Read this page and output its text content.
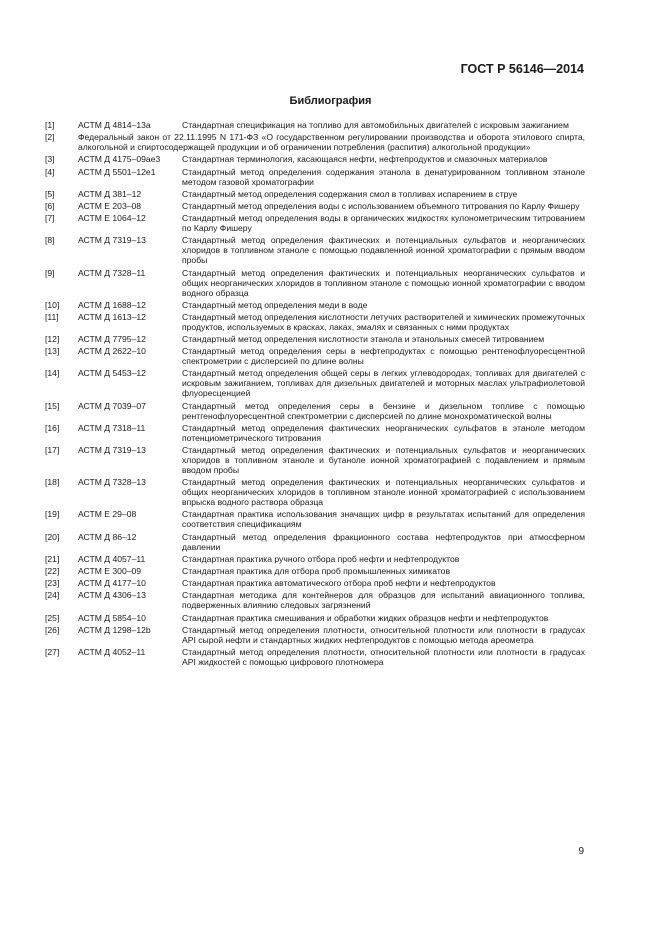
ГОСТ Р 56146—2014
Библиография
[1]	АСТМ Д 4814–13а	Стандартная спецификация на топливо для автомобильных двигателей с искровым зажиганием
[2]	Федеральный закон от 22.11.1995 N 171-ФЗ «О государственном регулировании производства и оборота этилового спирта, алкогольной и спиртосодержащей продукции и об ограничении потребления (распития) алкогольной продукции»
[3]	АСТМ Д 4175–09ae3	Стандартная терминология, касающаяся нефти, нефтепродуктов и смазочных материалов
[4]	АСТМ Д 5501–12e1	Стандартный метод определения содержания этанола в денатурированном топливном этаноле методом газовой хроматографии
[5]	АСТМ Д 381–12	Стандартный метод определения содержания смол в топливах испарением в струе
[6]	АСТМ Е 203–08	Стандартный метод определения воды с использованием объемного титрования по Карлу Фишеру
[7]	АСТМ Е 1064–12	Стандартный метод определения воды в органических жидкостях кулонометрическим титрованием по Карлу Фишеру
[8]	АСТМ Д 7319–13	Стандартный метод определения фактических и потенциальных сульфатов и неорганических хлоридов в топливном этаноле с помощью подавленной ионной хроматографии с прямым вводом пробы
[9]	АСТМ Д 7328–11	Стандартный метод определения фактических и потенциальных неорганических сульфатов и общих неорганических хлоридов в топливном этаноле с помощью ионной хроматографии с вводом водного образца
[10]	АСТМ Д 1688–12	Стандартный метод определения меди в воде
[11]	АСТМ Д 1613–12	Стандартный метод определения кислотности летучих растворителей и химических промежуточных продуктов, используемых в красках, лаках, эмалях и связанных с ними продуктах
[12]	АСТМ Д 7795–12	Стандартный метод определения кислотности этанола и этанольных смесей титрованием
[13]	АСТМ Д 2622–10	Стандартный метод определения серы в нефтепродуктах с помощью рентгенофлуоресцентной спектрометрии с дисперсией по длине волны
[14]	АСТМ Д 5453–12	Стандартный метод определения общей серы в легких углеводородах, топливах для двигателей с искровым зажиганием, топливах для дизельных двигателей и моторных маслах ультрафиолетовой флуоресценцией
[15]	АСТМ Д 7039–07	Стандартный метод определения серы в бензине и дизельном топливе с помощью рентгенофлуоресцентной спектрометрии с дисперсией по длине монохроматической волны
[16]	АСТМ Д 7318–11	Стандартный метод определения фактических неорганических сульфатов в этаноле методом потенциометрического титрования
[17]	АСТМ Д 7319–13	Стандартный метод определения фактических и потенциальных сульфатов и неорганических хлоридов в топливном этаноле и бутаноле ионной хроматографией с подавлением и прямым вводом пробы
[18]	АСТМ Д 7328–13	Стандартный метод определения фактических и потенциальных неорганических сульфатов и общих неорганических хлоридов в топливном этаноле ионной хроматографией с использованием впрыска водного раствора образца
[19]	АСТМ Е 29–08	Стандартная практика использования значащих цифр в результатах испытаний для определения соответствия спецификациям
[20]	АСТМ Д 86–12	Стандартный метод определения фракционного состава нефтепродуктов при атмосферном давлении
[21]	АСТМ Д 4057–11	Стандартная практика ручного отбора проб нефти и нефтепродуктов
[22]	АСТМ Е 300–09	Стандартная практика для отбора проб промышленных химикатов
[23]	АСТМ Д 4177–10	Стандартная практика автоматического отбора проб нефти и нефтепродуктов
[24]	АСТМ Д 4306–13	Стандартная методика для контейнеров для образцов для испытаний авиационного топлива, подверженных влиянию следовых загрязнений
[25]	АСТМ Д 5854–10	Стандартная практика смешивания и обработки жидких образцов нефти и нефтепродуктов
[26]	АСТМ Д 1298–12b	Стандартный метод определения плотности, относительной плотности или плотности в градусах API сырой нефти и стандартных жидких нефтепродуктов с помощью метода ареометра
[27]	АСТМ Д 4052–11	Стандартный метод определения плотности, относительной плотности или плотности в градусах API жидкостей с помощью цифрового плотномера
9
